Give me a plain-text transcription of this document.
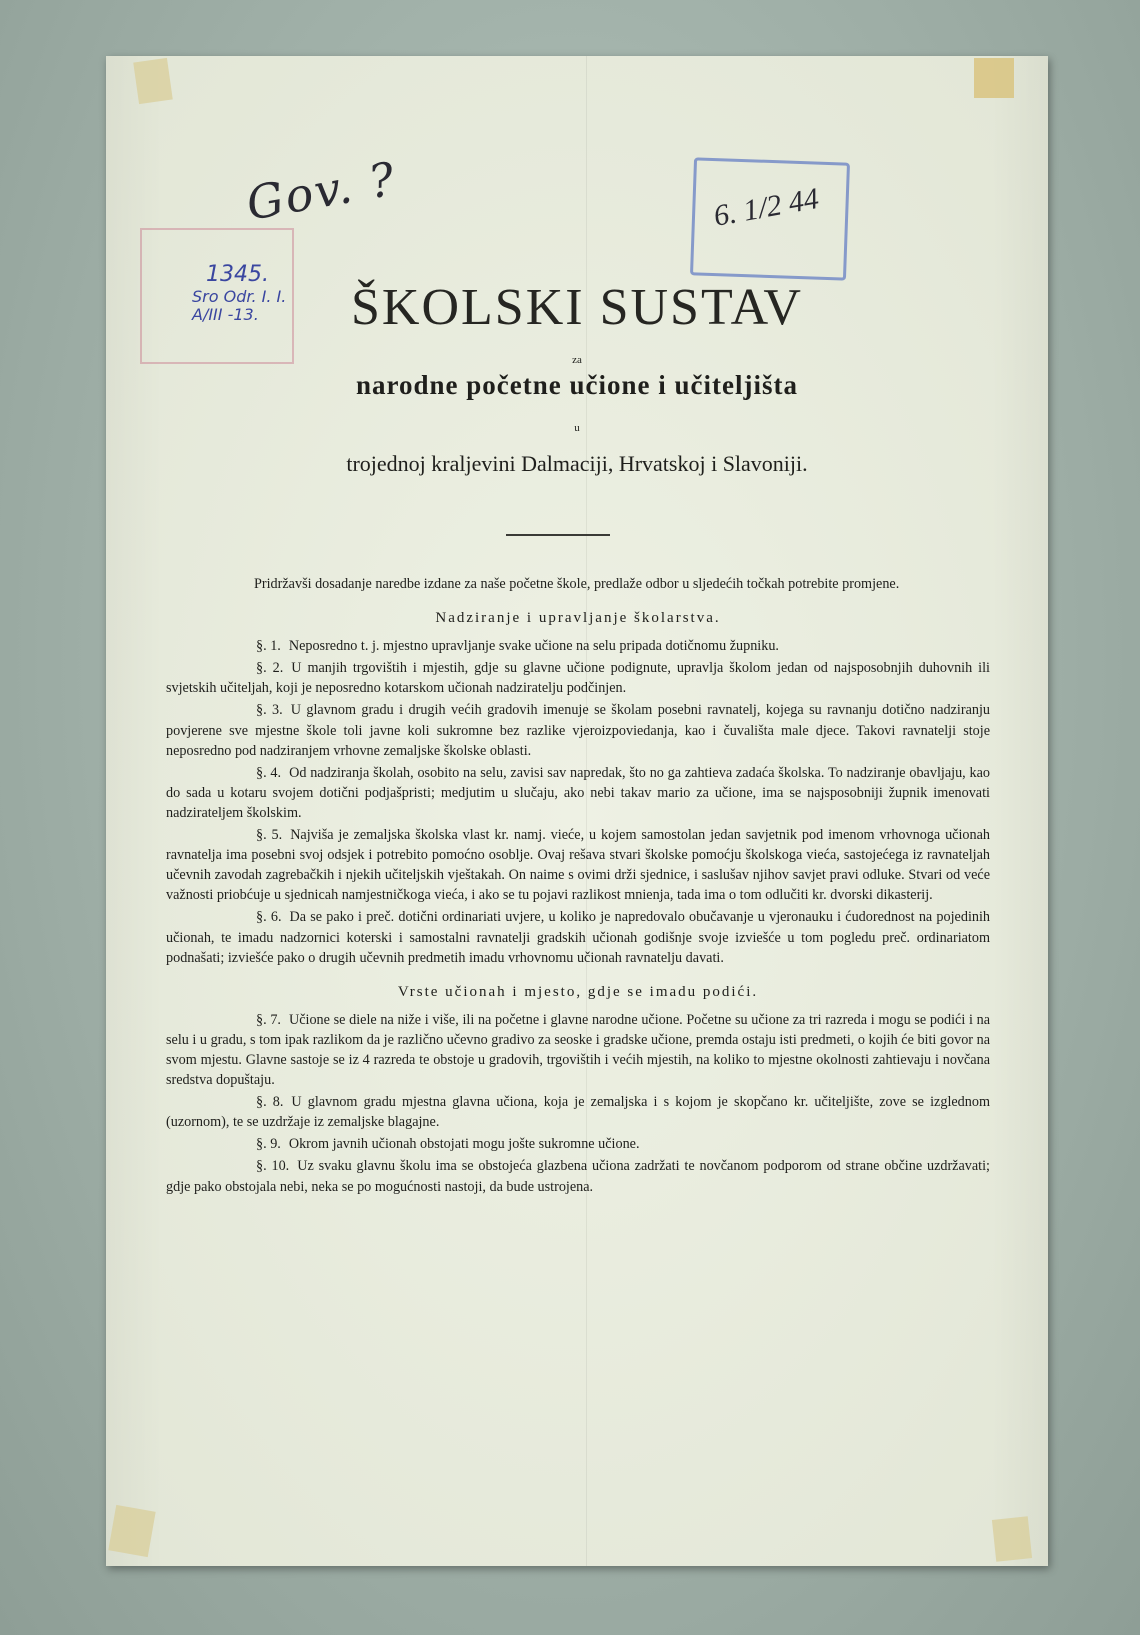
Gov. ?
1345.
Sro Odr. I. I. A/III -13.
6. 1/2 44
ŠKOLSKI SUSTAV
za
narodne početne učione i učiteljišta
u
trojednoj kraljevini Dalmaciji, Hrvatskoj i Slavoniji.

Pridržavši dosadanje naredbe izdane za naše početne škole, predlaže odbor u sljedećih točkah potrebite promjene.

Nadziranje i upravljanje školarstva.

§. 1. Neposredno t. j. mjestno upravljanje svake učione na selu pripada dotičnomu župniku.

§. 2. U manjih trgovištih i mjestih, gdje su glavne učione podignute, upravlja školom jedan od najsposobnjih duhovnih ili svjetskih učiteljah, koji je neposredno kotarskom učionah nadziratelju podčinjen.

§. 3. U glavnom gradu i drugih većih gradovih imenuje se školam posebni ravnatelj, kojega su ravnanju dotično nadziranju povjerene sve mjestne škole toli javne koli sukromne bez razlike vjeroizpoviedanja, kao i čuvališta male djece. Takovi ravnatelji stoje neposredno pod nadziranjem vrhovne zemaljske školske oblasti.

§. 4. Od nadziranja školah, osobito na selu, zavisi sav napredak, što no ga zahtieva zadaća školska. To nadziranje obavljaju, kao do sada u kotaru svojem dotični podjašpristi; medjutim u slučaju, ako nebi takav mario za učione, ima se najsposobniji župnik imenovati nadzirateljem školskim.

§. 5. Najviša je zemaljska školska vlast kr. namj. vieće, u kojem samostolan jedan savjetnik pod imenom vrhovnoga učionah ravnatelja ima posebni svoj odsjek i potrebito pomoćno osoblje. Ovaj rešava stvari školske pomoćju školskoga vieća, sastojećega iz ravnateljah učevnih zavodah zagrebačkih i njekih učiteljskih vještakah. On naime s ovimi drži sjednice, i saslušav njihov savjet pravi odluke. Stvari od veće važnosti priobćuje u sjednicah namjestničkoga vieća, i ako se tu pojavi razlikost mnienja, tada ima o tom odlučiti kr. dvorski dikasterij.

§. 6. Da se pako i preč. dotični ordinariati uvjere, u koliko je napredovalo obučavanje u vjeronauku i ćudorednost na pojedinih učionah, te imadu nadzornici koterski i samostalni ravnatelji gradskih učionah godišnje svoje izviešće u tom pogledu preč. ordinariatom podnašati; izviešće pako o drugih učevnih predmetih imadu vrhovnomu učionah ravnatelju davati.

Vrste učionah i mjesto, gdje se imadu podići.

§. 7. Učione se diele na niže i više, ili na početne i glavne narodne učione. Početne su učione za tri razreda i mogu se podići i na selu i u gradu, s tom ipak razlikom da je različno učevno gradivo za seoske i gradske učione, premda ostaju isti predmeti, o kojih će biti govor na svom mjestu. Glavne sastoje se iz 4 razreda te obstoje u gradovih, trgovištih i većih mjestih, na koliko to mjestne okolnosti zahtievaju i novčana sredstva dopuštaju.

§. 8. U glavnom gradu mjestna glavna učiona, koja je zemaljska i s kojom je skopčano kr. učiteljište, zove se izglednom (uzornom), te se uzdržaje iz zemaljske blagajne.

§. 9. Okrom javnih učionah obstojati mogu jošte sukromne učione.

§. 10. Uz svaku glavnu školu ima se obstojeća glazbena učiona zadržati te novčanom podporom od strane občine uzdržavati; gdje pako obstojala nebi, neka se po mogućnosti nastoji, da bude ustrojena.
